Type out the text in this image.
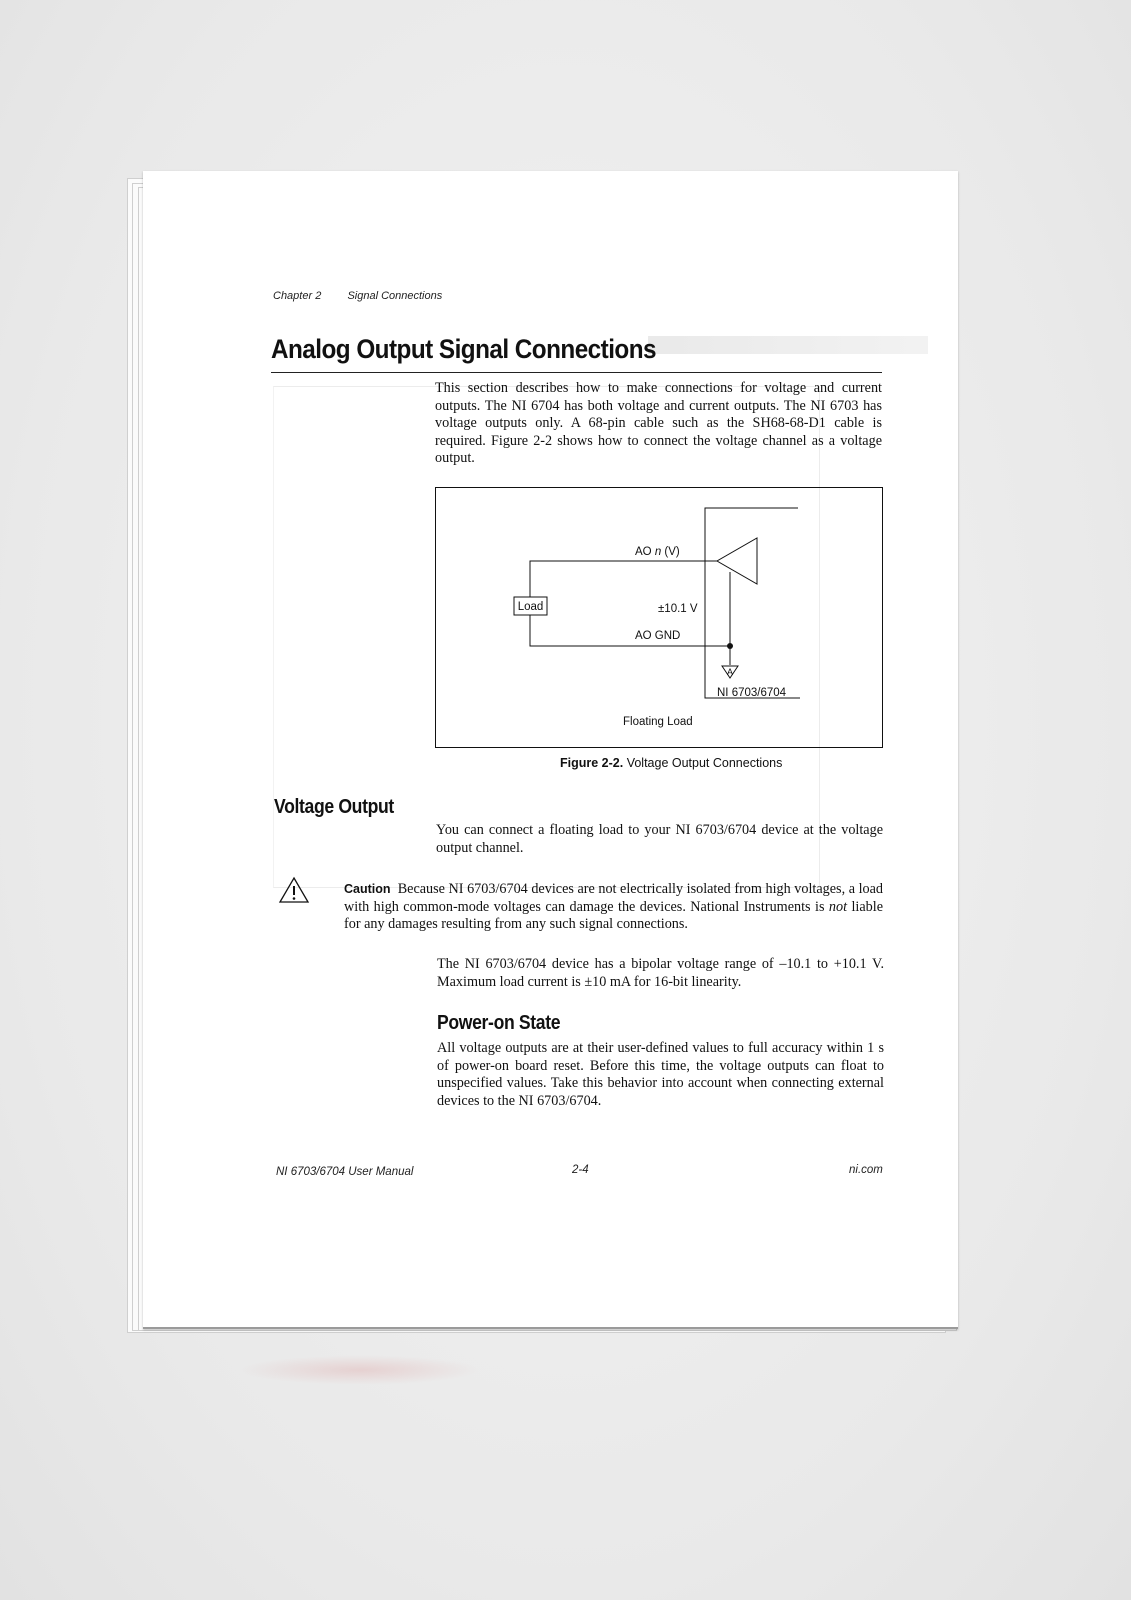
Chapter 2 Signal Connections
Analog Output Signal Connections
This section describes how to make connections for voltage and current outputs. The NI 6704 has both voltage and current outputs. The NI 6703 has voltage outputs only. A 68-pin cable such as the SH68-68-D1 cable is required. Figure 2-2 shows how to connect the voltage channel as a voltage output.
Load
A
AO n (V)
±10.1 V
AO GND
NI 6703/6704
Floating Load
Figure 2-2. Voltage Output Connections
Voltage Output
You can connect a floating load to your NI 6703/6704 device at the voltage output channel.
Caution Because NI 6703/6704 devices are not electrically isolated from high voltages, a load with high common-mode voltages can damage the devices. National Instruments is not liable for any damages resulting from any such signal connections.
The NI 6703/6704 device has a bipolar voltage range of –10.1 to +10.1 V. Maximum load current is ±10 mA for 16-bit linearity.
Power-on State
All voltage outputs are at their user-defined values to full accuracy within 1 s of power-on board reset. Before this time, the voltage outputs can float to unspecified values. Take this behavior into account when connecting external devices to the NI 6703/6704.
NI 6703/6704 User Manual	2-4	ni.com
